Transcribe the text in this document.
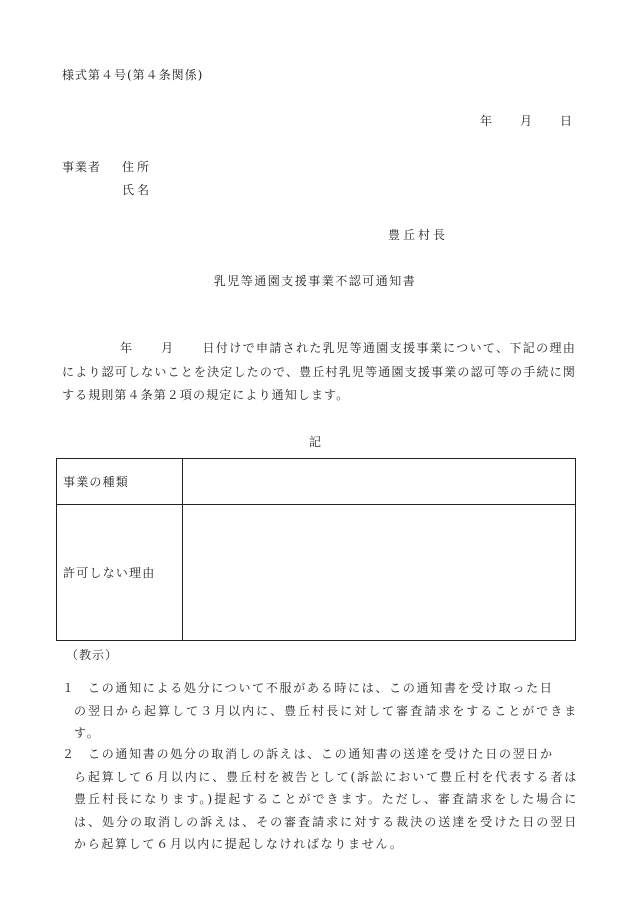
様式第４号(第４条関係)
年 月 日
事業者 住所
氏名
豊丘村長
乳児等通園支援事業不認可通知書
年 月 日付けで申請された乳児等通園支援事業について、下記の理由により認可しないことを決定したので、豊丘村乳児等通園支援事業の認可等の手続に関する規則第４条第２項の規定により通知します。
記
事業の種類	
許可しない理由	
（教示）
１ この通知による処分について不服がある時には、この通知書を受け取った日
の翌日から起算して３月以内に、豊丘村長に対して審査請求をすることができます。
２ この通知書の処分の取消しの訴えは、この通知書の送達を受けた日の翌日か
ら起算して６月以内に、豊丘村を被告として(訴訟において豊丘村を代表する者は豊丘村長になります。)提起することができます。ただし、審査請求をした場合には、処分の取消しの訴えは、その審査請求に対する裁決の送達を受けた日の翌日から起算して６月以内に提起しなければなりません。
